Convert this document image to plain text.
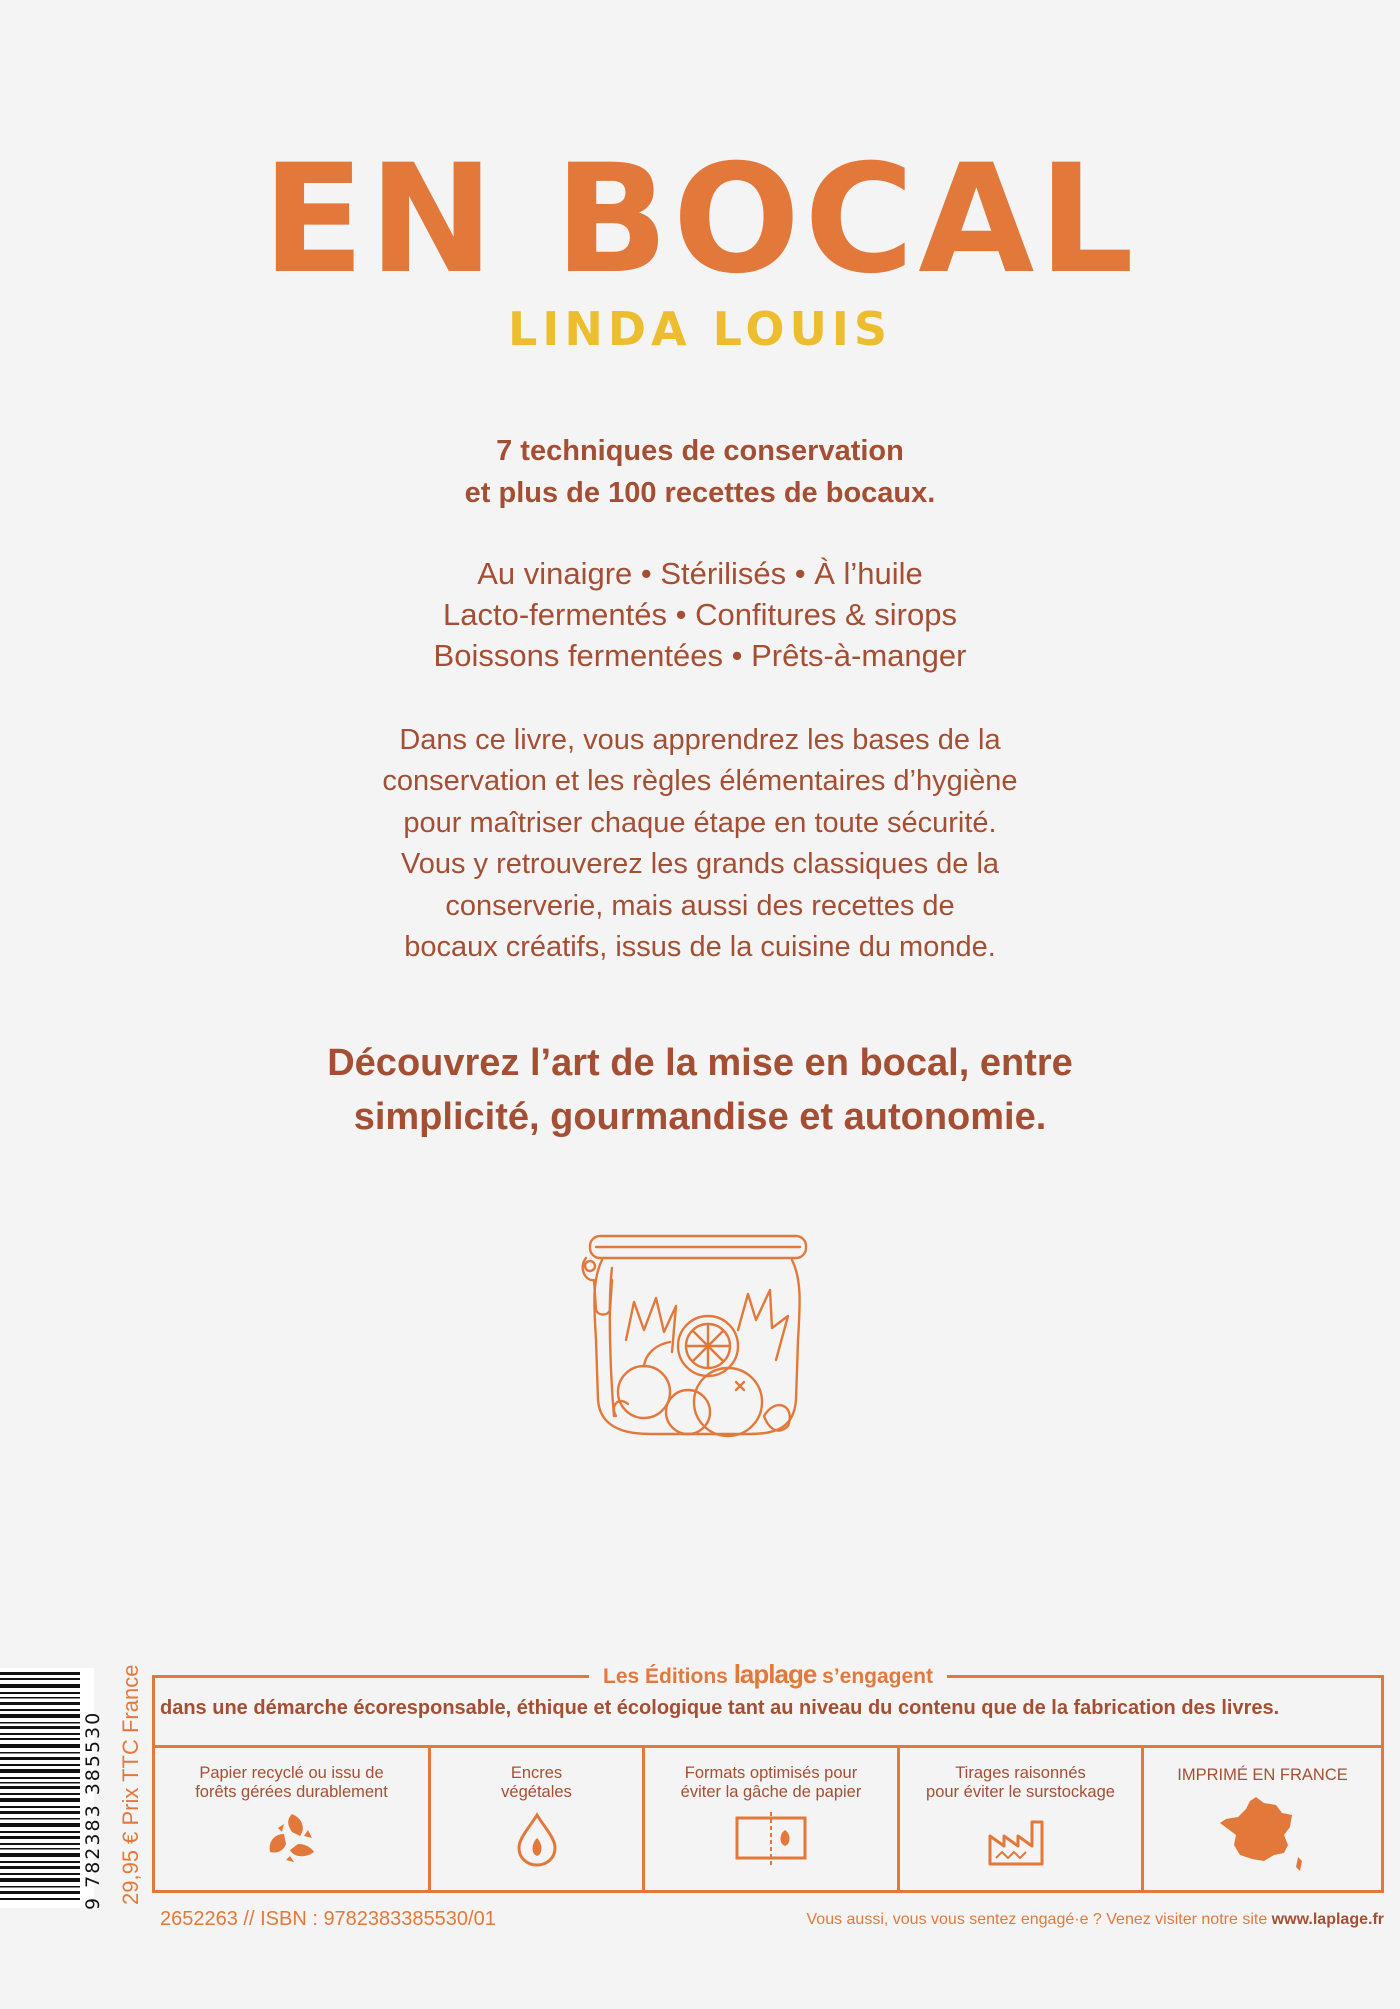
EN BOCAL
LINDA LOUIS
7 techniques de conservation
et plus de 100 recettes de bocaux.
Au vinaigre • Stérilisés • À l’huile
Lacto-fermentés • Confitures & sirops
Boissons fermentées • Prêts-à-manger
Dans ce livre, vous apprendrez les bases de la
conservation et les règles élémentaires d’hygiène
pour maîtriser chaque étape en toute sécurité.
Vous y retrouverez les grands classiques de la
conserverie, mais aussi des recettes de
bocaux créatifs, issus de la cuisine du monde.
Découvrez l’art de la mise en bocal, entre
simplicité, gourmandise et autonomie.
9 782383 385530 29,95 € Prix TTC France	Les Éditions laplage s’engagent
dans une démarche écoresponsable, éthique et écologique tant au niveau du contenu que de la fabrication des livres.
Papier recyclé ou issu de
forêts gérées durablement
Encres
végétales
Formats optimisés pour
éviter la gâche de papier
Tirages raisonnés
pour éviter le surstockage
IMPRIMÉ EN FRANCE
2652263 // ISBN : 9782383385530/01	Vous aussi, vous vous sentez engagé·e ? Venez visiter notre site www.laplage.fr
